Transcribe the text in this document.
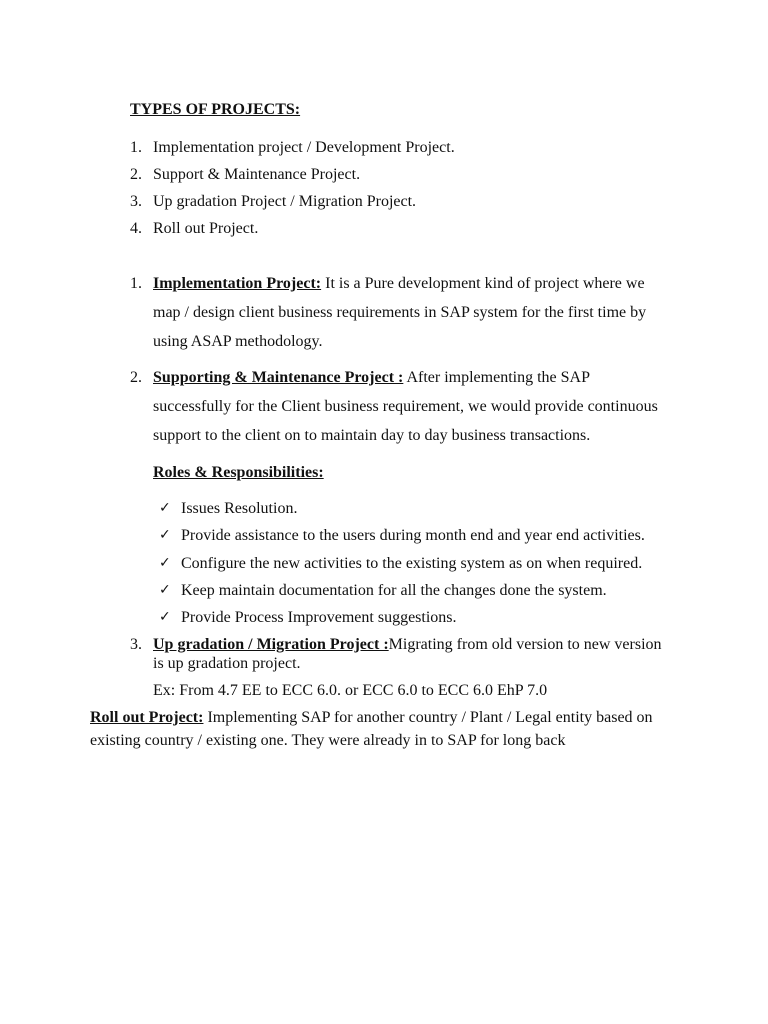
TYPES OF PROJECTS:
1. Implementation project / Development Project.
2. Support & Maintenance Project.
3. Up gradation Project / Migration Project.
4. Roll out Project.
1. Implementation Project: It is a Pure development kind of project where we
map / design client business requirements in SAP system for the first time by
using ASAP methodology.
2. Supporting & Maintenance Project : After implementing the SAP
successfully for the Client business requirement, we would provide continuous
support to the client on to maintain day to day business transactions.
Roles & Responsibilities:
✓ Issues Resolution.
✓ Provide assistance to the users during month end and year end activities.
✓ Configure the new activities to the existing system as on when required.
✓ Keep maintain documentation for all the changes done the system.
✓ Provide Process Improvement suggestions.
3. Up gradation / Migration Project :Migrating from old version to new version
is up gradation project.
Ex: From 4.7 EE to ECC 6.0. or ECC 6.0 to ECC 6.0 EhP 7.0
Roll out Project: Implementing SAP for another country / Plant / Legal entity based on
existing country / existing one. They were already in to SAP for long back
